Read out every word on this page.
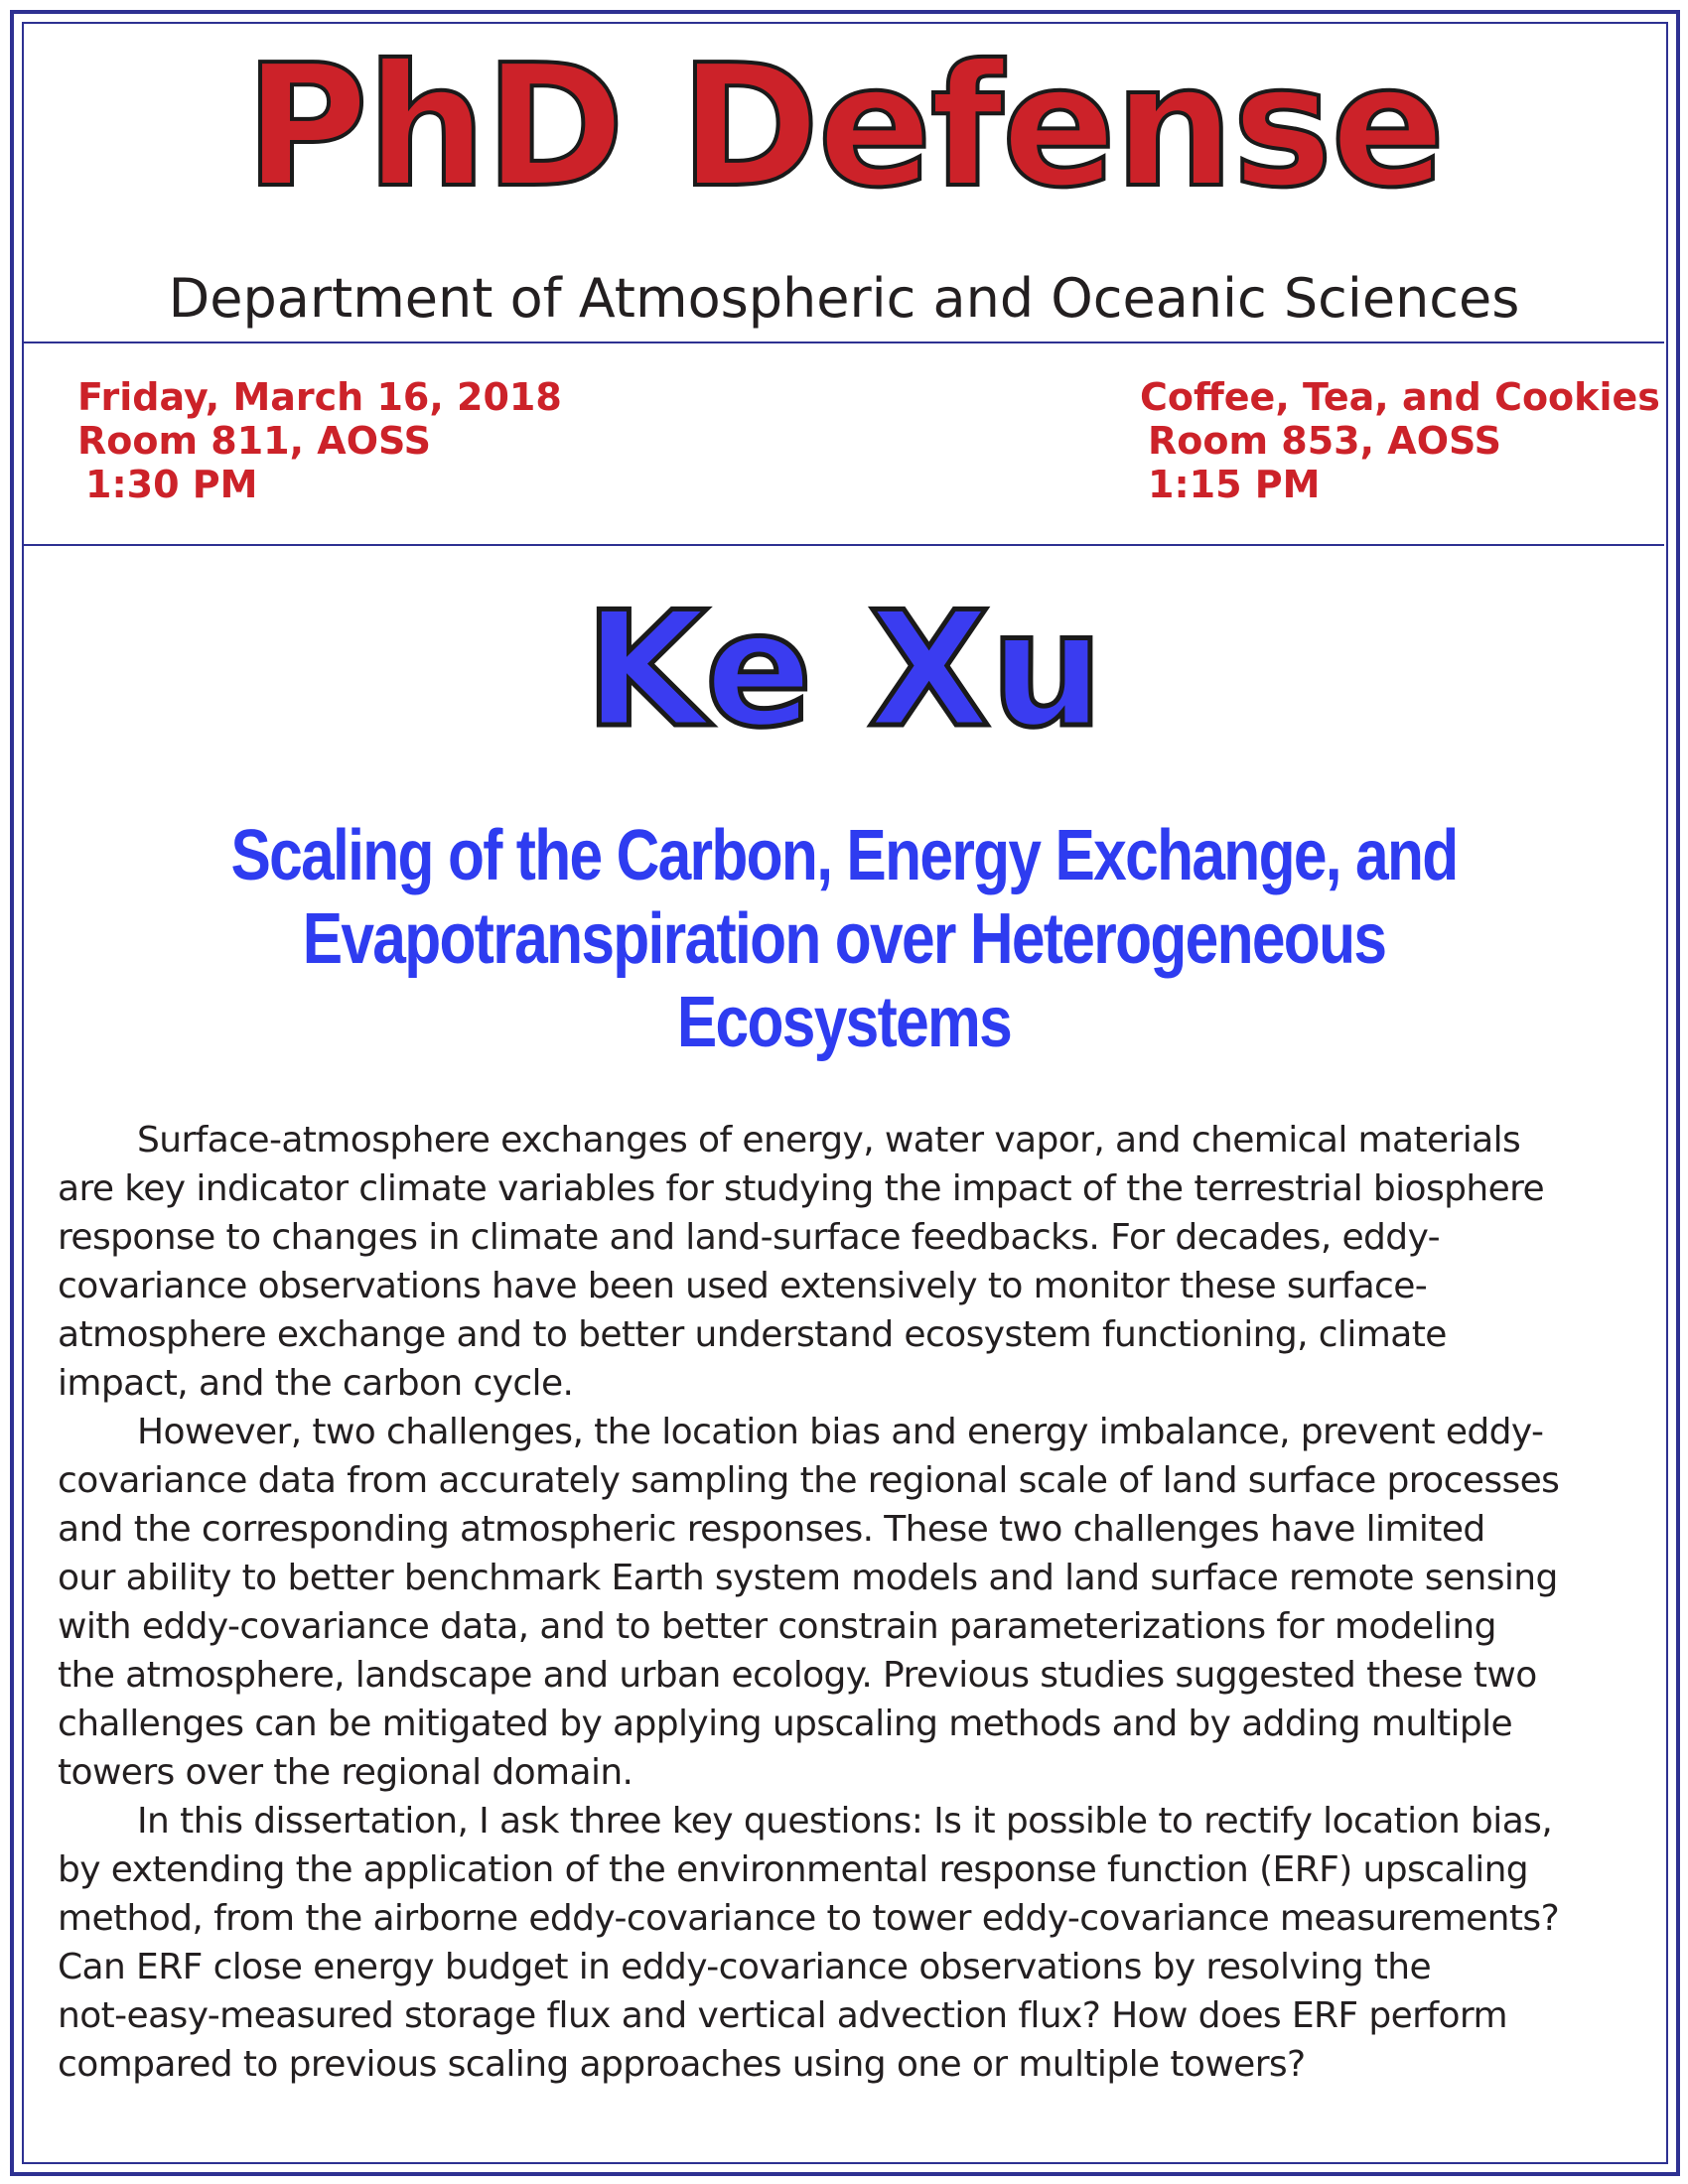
PhD Defense
Department of Atmospheric and Oceanic Sciences
Friday, March 16, 2018
Room 811, AOSS
1:30 PM
Coffee, Tea, and Cookies
Room 853, AOSS
1:15 PM
Ke Xu
Scaling of the Carbon, Energy Exchange, and
Evapotranspiration over Heterogeneous
Ecosystems

Surface-atmosphere exchanges of energy, water vapor, and chemical materials
are key indicator climate variables for studying the impact of the terrestrial biosphere
response to changes in climate and land-surface feedbacks. For decades, eddy-
covariance observations have been used extensively to monitor these surface-
atmosphere exchange and to better understand ecosystem functioning, climate
impact, and the carbon cycle.

However, two challenges, the location bias and energy imbalance, prevent eddy-
covariance data from accurately sampling the regional scale of land surface processes
and the corresponding atmospheric responses. These two challenges have limited
our ability to better benchmark Earth system models and land surface remote sensing
with eddy-covariance data, and to better constrain parameterizations for modeling
the atmosphere, landscape and urban ecology. Previous studies suggested these two
challenges can be mitigated by applying upscaling methods and by adding multiple
towers over the regional domain.

In this dissertation, I ask three key questions: Is it possible to rectify location bias,
by extending the application of the environmental response function (ERF) upscaling
method, from the airborne eddy-covariance to tower eddy-covariance measurements?
Can ERF close energy budget in eddy-covariance observations by resolving the
not-easy-measured storage flux and vertical advection flux? How does ERF perform
compared to previous scaling approaches using one or multiple towers?
